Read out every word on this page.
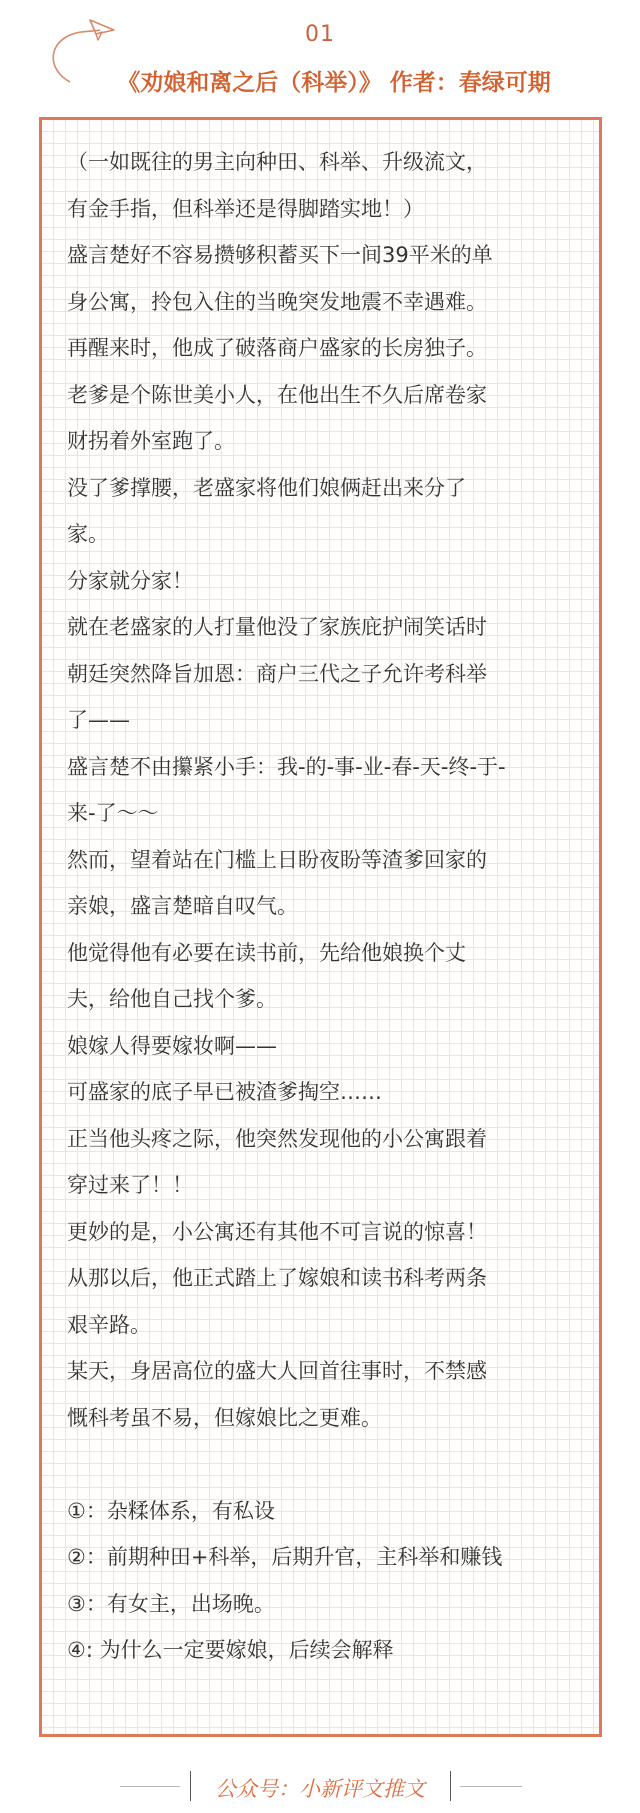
01
《劝娘和离之后（科举）》 作者：春绿可期
（一如既往的男主向种田、科举、升级流文，
有金手指，但科举还是得脚踏实地！）
盛言楚好不容易攒够积蓄买下一间39平米的单
身公寓，拎包入住的当晚突发地震不幸遇难。
再醒来时，他成了破落商户盛家的长房独子。
老爹是个陈世美小人，在他出生不久后席卷家
财拐着外室跑了。
没了爹撑腰，老盛家将他们娘俩赶出来分了
家。
分家就分家！
就在老盛家的人打量他没了家族庇护闹笑话时
朝廷突然降旨加恩：商户三代之子允许考科举
了——
盛言楚不由攥紧小手：我-的-事-业-春-天-终-于-
来-了～～
然而，望着站在门槛上日盼夜盼等渣爹回家的
亲娘，盛言楚暗自叹气。
他觉得他有必要在读书前，先给他娘换个丈
夫，给他自己找个爹。
娘嫁人得要嫁妆啊——
可盛家的底子早已被渣爹掏空……
正当他头疼之际，他突然发现他的小公寓跟着
穿过来了！！
更妙的是，小公寓还有其他不可言说的惊喜！
从那以后，他正式踏上了嫁娘和读书科考两条
艰辛路。
某天，身居高位的盛大人回首往事时，不禁感
慨科考虽不易，但嫁娘比之更难。
①：杂糅体系，有私设
②：前期种田+科举，后期升官，主科举和赚钱
③：有女主，出场晚。
④: 为什么一定要嫁娘，后续会解释
公众号：小新评文推文
